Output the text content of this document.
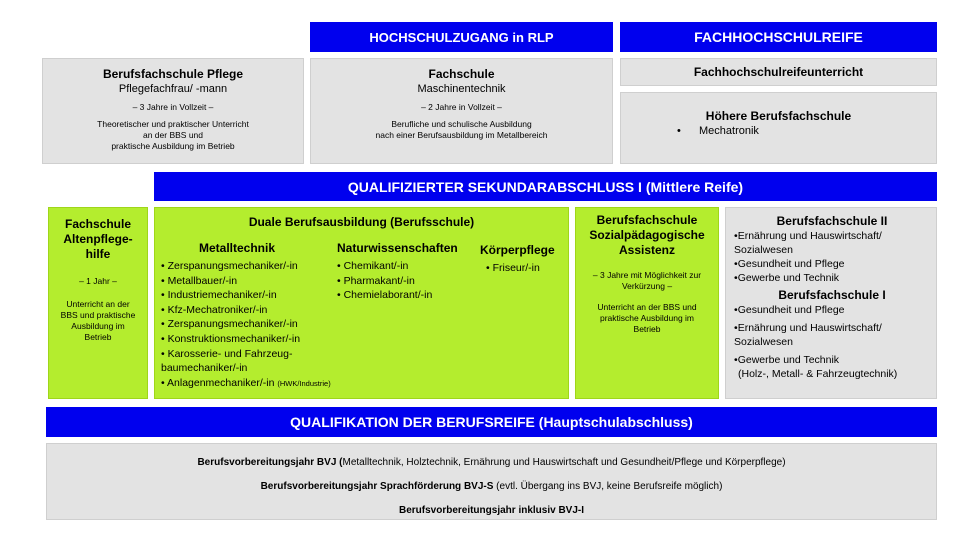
HOCHSCHULZUGANG in RLP	FACHHOCHSCHULREIFE
Berufsfachschule Pflege
Pflegefachfrau/ -mann
– 3 Jahre in Vollzeit –
Theoretischer und praktischer Unterricht
an der BBS und
praktische Ausbildung im Betrieb
Fachschule
Maschinentechnik
– 2 Jahre in Vollzeit –
Berufliche und schulische Ausbildung
nach einer Berufsausbildung im Metallbereich
Fachhochschulreifeunterricht
Höhere Berufsfachschule
• Mechatronik
QUALIFIZIERTER SEKUNDARABSCHLUSS I (Mittlere Reife)
Fachschule
Altenpflege-
hilfe
– 1 Jahr –
Unterricht an der
BBS und praktische
Ausbildung im
Betrieb
Duale Berufsausbildung (Berufsschule)
Metalltechnik
• Zerspanungsmechaniker/-in
• Metallbauer/-in
• Industriemechaniker/-in
• Kfz-Mechatroniker/-in
• Zerspanungsmechaniker/-in
• Konstruktionsmechaniker/-in
• Karosserie- und Fahrzeug-
baumechaniker/-in
• Anlagenmechaniker/-in (HWK/Industrie)
Naturwissenschaften
• Chemikant/-in
• Pharmakant/-in
• Chemielaborant/-in
Körperpflege
• Friseur/-in
Berufsfachschule
Sozialpädagogische
Assistenz
– 3 Jahre mit Möglichkeit zur
Verkürzung –
Unterricht an der BBS und
praktische Ausbildung im
Betrieb
Berufsfachschule II
• Ernährung und Hauswirtschaft/ Sozialwesen
• Gesundheit und Pflege
• Gewerbe und Technik
Berufsfachschule I
• Gesundheit und Pflege
• Ernährung und Hauswirtschaft/ Sozialwesen
• Gewerbe und Technik
(Holz-, Metall- & Fahrzeugtechnik)
QUALIFIKATION DER BERUFSREIFE (Hauptschulabschluss)
Berufsvorbereitungsjahr BVJ (Metalltechnik, Holztechnik, Ernährung und Hauswirtschaft und Gesundheit/Pflege und Körperpflege)
Berufsvorbereitungsjahr Sprachförderung BVJ-S (evtl. Übergang ins BVJ, keine Berufsreife möglich)
Berufsvorbereitungsjahr inklusiv BVJ-I
